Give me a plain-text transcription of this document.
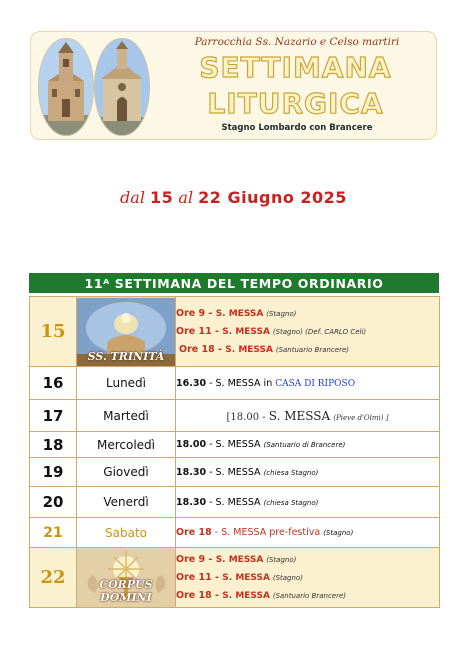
Parrocchia Ss. Nazario e Celso martiri
SETTIMANA
LITURGICA
Stagno Lombardo con Brancere
dal 15 al 22 Giugno 2025
11ᴬ SETTIMANA DEL TEMPO ORDINARIO
15	SS. TRINITÀ	Ore 9 - S. MESSA (Stagno)
Ore 11 - S. MESSA (Stagno) (Def. CARLO Celi)
Ore 18 - S. MESSA (Santuario Brancere)

16	Lunedì	16.30 - S. MESSA in CASA DI RIPOSO
17	Martedì	[18.00 - S. MESSA (Pieve d'Olmi) ]
18	Mercoledì	18.00 - S. MESSA (Santuario di Brancere)
19	Giovedì	18.30 - S. MESSA (chiesa Stagno)
20	Venerdì	18.30 - S. MESSA (chiesa Stagno)
21	Sabato	Ore 18 - S. MESSA pre-festiva (Stagno)
22	CORPUS DOMINI	Ore 9 - S. MESSA (Stagno)
Ore 11 - S. MESSA (Stagno)
Ore 18 - S. MESSA (Santuario Brancere)
